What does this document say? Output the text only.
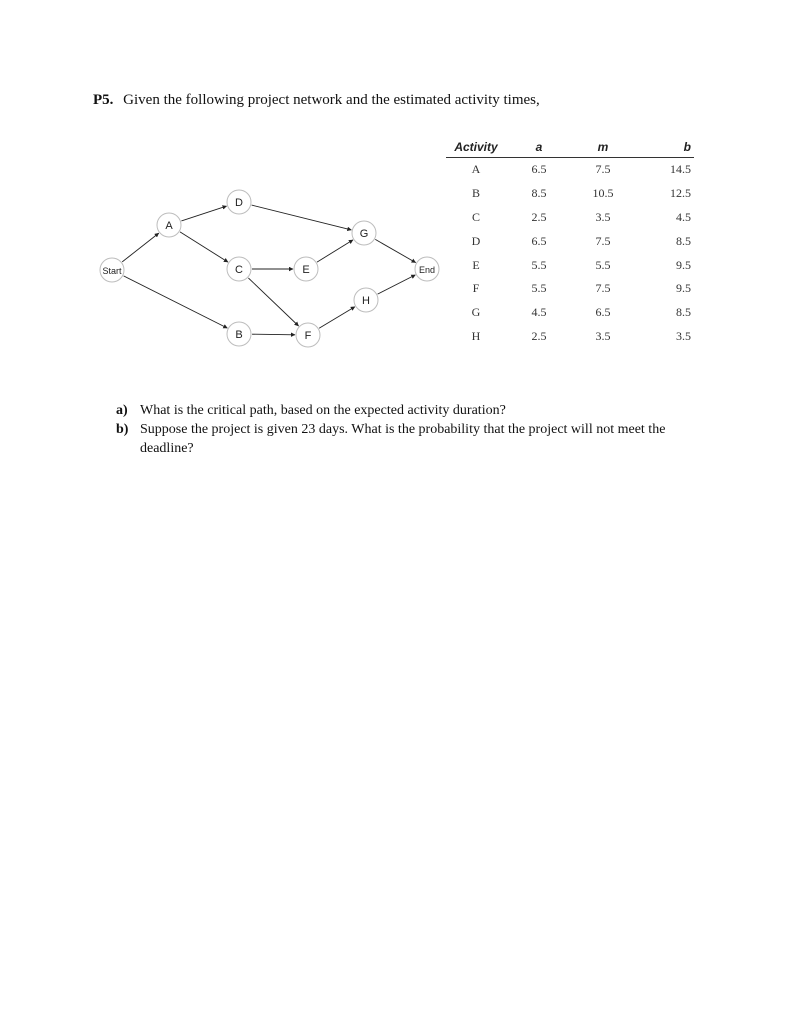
P5. Given the following project network and the estimated activity times,
Start
A
D
C
B
E
F
G
H
End
Activity	a	m	b
A	6.5	7.5	14.5
B	8.5	10.5	12.5
C	2.5	3.5	4.5
D	6.5	7.5	8.5
E	5.5	5.5	9.5
F	5.5	7.5	9.5
G	4.5	6.5	8.5
H	2.5	3.5	3.5
a) What is the critical path, based on the expected activity duration?
b) Suppose the project is given 23 days. What is the probability that the project will not meet the deadline?
